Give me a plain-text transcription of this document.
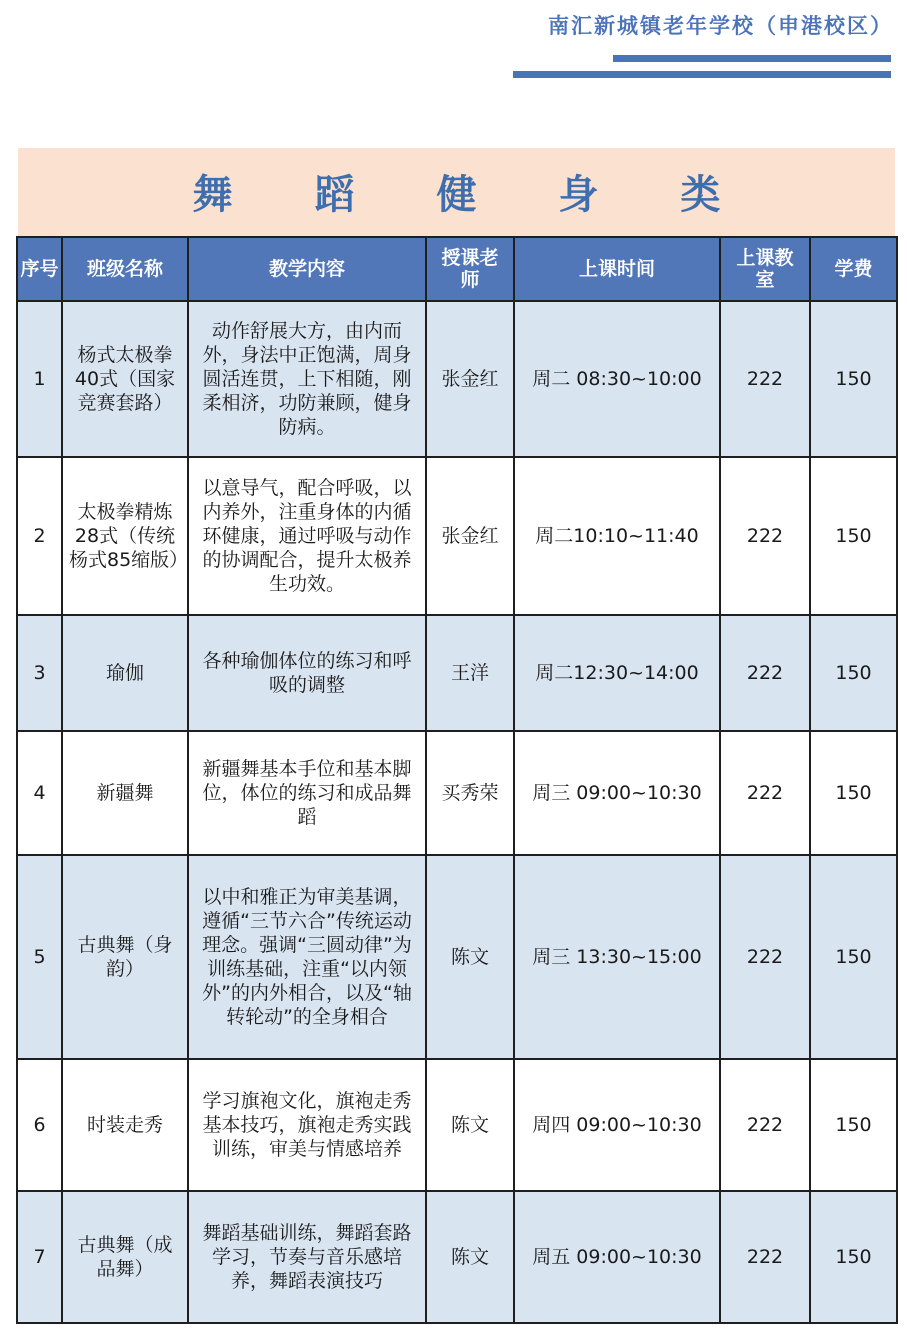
南汇新城镇老年学校（申港校区）
舞 蹈 健 身 类
序号	班级名称	教学内容	授课老师	上课时间	上课教室	学费
1	杨式太极拳40式（国家竞赛套路）	动作舒展大方，由内而外，身法中正饱满，周身圆活连贯，上下相随，刚柔相济，功防兼顾，健身防病。	张金红	周二 08:30~10:00	222	150
2	太极拳精炼28式（传统杨式85缩版）	以意导气，配合呼吸，以内养外，注重身体的内循环健康，通过呼吸与动作的协调配合，提升太极养生功效。	张金红	周二10:10~11:40	222	150
3	瑜伽	各种瑜伽体位的练习和呼吸的调整	王洋	周二12:30~14:00	222	150
4	新疆舞	新疆舞基本手位和基本脚位，体位的练习和成品舞蹈	买秀荣	周三 09:00~10:30	222	150
5	古典舞（身韵）	以中和雅正为审美基调，遵循“三节六合”传统运动理念。强调“三圆动律”为训练基础，注重“以内领外”的内外相合，以及“轴转轮动”的全身相合	陈文	周三 13:30~15:00	222	150
6	时装走秀	学习旗袍文化，旗袍走秀基本技巧，旗袍走秀实践训练，审美与情感培养	陈文	周四 09:00~10:30	222	150
7	古典舞（成品舞）	舞蹈基础训练，舞蹈套路学习，节奏与音乐感培养，舞蹈表演技巧	陈文	周五 09:00~10:30	222	150
